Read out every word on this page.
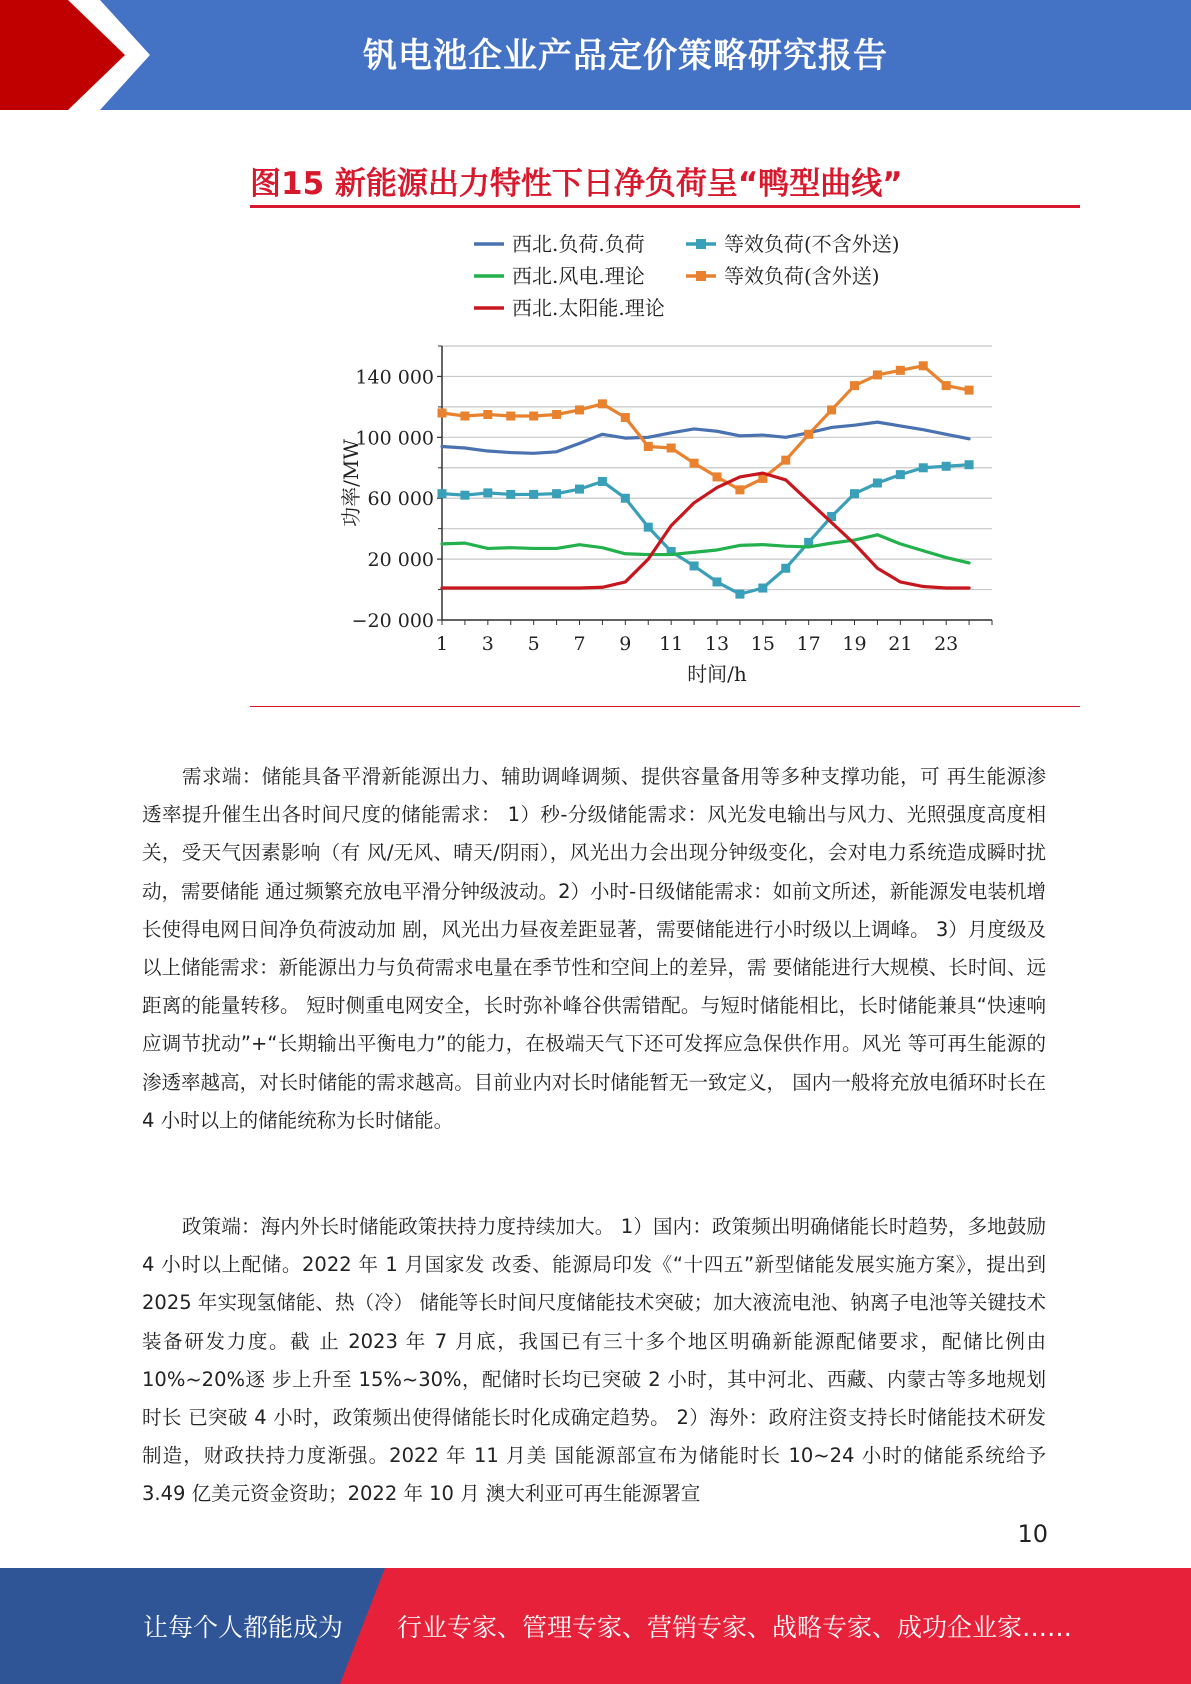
钒电池企业产品定价策略研究报告
图15 新能源出力特性下日净负荷呈“鸭型曲线”
−20 000
20 000
60 000
100 000
140 000
1 3 5 7 9 11 13 15 17 19 21 23
时间/h
功率/MW
西北.负荷.负荷	等效负荷(不含外送)
西北.风电.理论	等效负荷(含外送)
西北.太阳能.理论
需求端：储能具备平滑新能源出力、辅助调峰调频、提供容量备用等多种支撑功能，可 再生能源渗透率提升催生出各时间尺度的储能需求： 1）秒-分级储能需求：风光发电输出与风力、光照强度高度相关，受天气因素影响（有 风/无风、晴天/阴雨），风光出力会出现分钟级变化，会对电力系统造成瞬时扰动，需要储能 通过频繁充放电平滑分钟级波动。2）小时-日级储能需求：如前文所述，新能源发电装机增长使得电网日间净负荷波动加 剧，风光出力昼夜差距显著，需要储能进行小时级以上调峰。 3）月度级及以上储能需求：新能源出力与负荷需求电量在季节性和空间上的差异，需 要储能进行大规模、长时间、远距离的能量转移。 短时侧重电网安全，长时弥补峰谷供需错配。与短时储能相比，长时储能兼具“快速响 应调节扰动”+“长期输出平衡电力”的能力，在极端天气下还可发挥应急保供作用。风光 等可再生能源的渗透率越高，对长时储能的需求越高。目前业内对长时储能暂无一致定义， 国内一般将充放电循环时长在 4 小时以上的储能统称为长时储能。
政策端：海内外长时储能政策扶持力度持续加大。 1）国内：政策频出明确储能长时趋势，多地鼓励 4 小时以上配储。2022 年 1 月国家发 改委、能源局印发《“十四五”新型储能发展实施方案》，提出到 2025 年实现氢储能、热（冷） 储能等长时间尺度储能技术突破；加大液流电池、钠离子电池等关键技术装备研发力度。截 止 2023 年 7 月底，我国已有三十多个地区明确新能源配储要求，配储比例由 10%~20%逐 步上升至 15%~30%，配储时长均已突破 2 小时，其中河北、西藏、内蒙古等多地规划时长 已突破 4 小时，政策频出使得储能长时化成确定趋势。 2）海外：政府注资支持长时储能技术研发制造，财政扶持力度渐强。2022 年 11 月美 国能源部宣布为储能时长 10~24 小时的储能系统给予 3.49 亿美元资金资助；2022 年 10 月 澳大利亚可再生能源署宣
10
让每个人都能成为 行业专家、管理专家、营销专家、战略专家、成功企业家……
